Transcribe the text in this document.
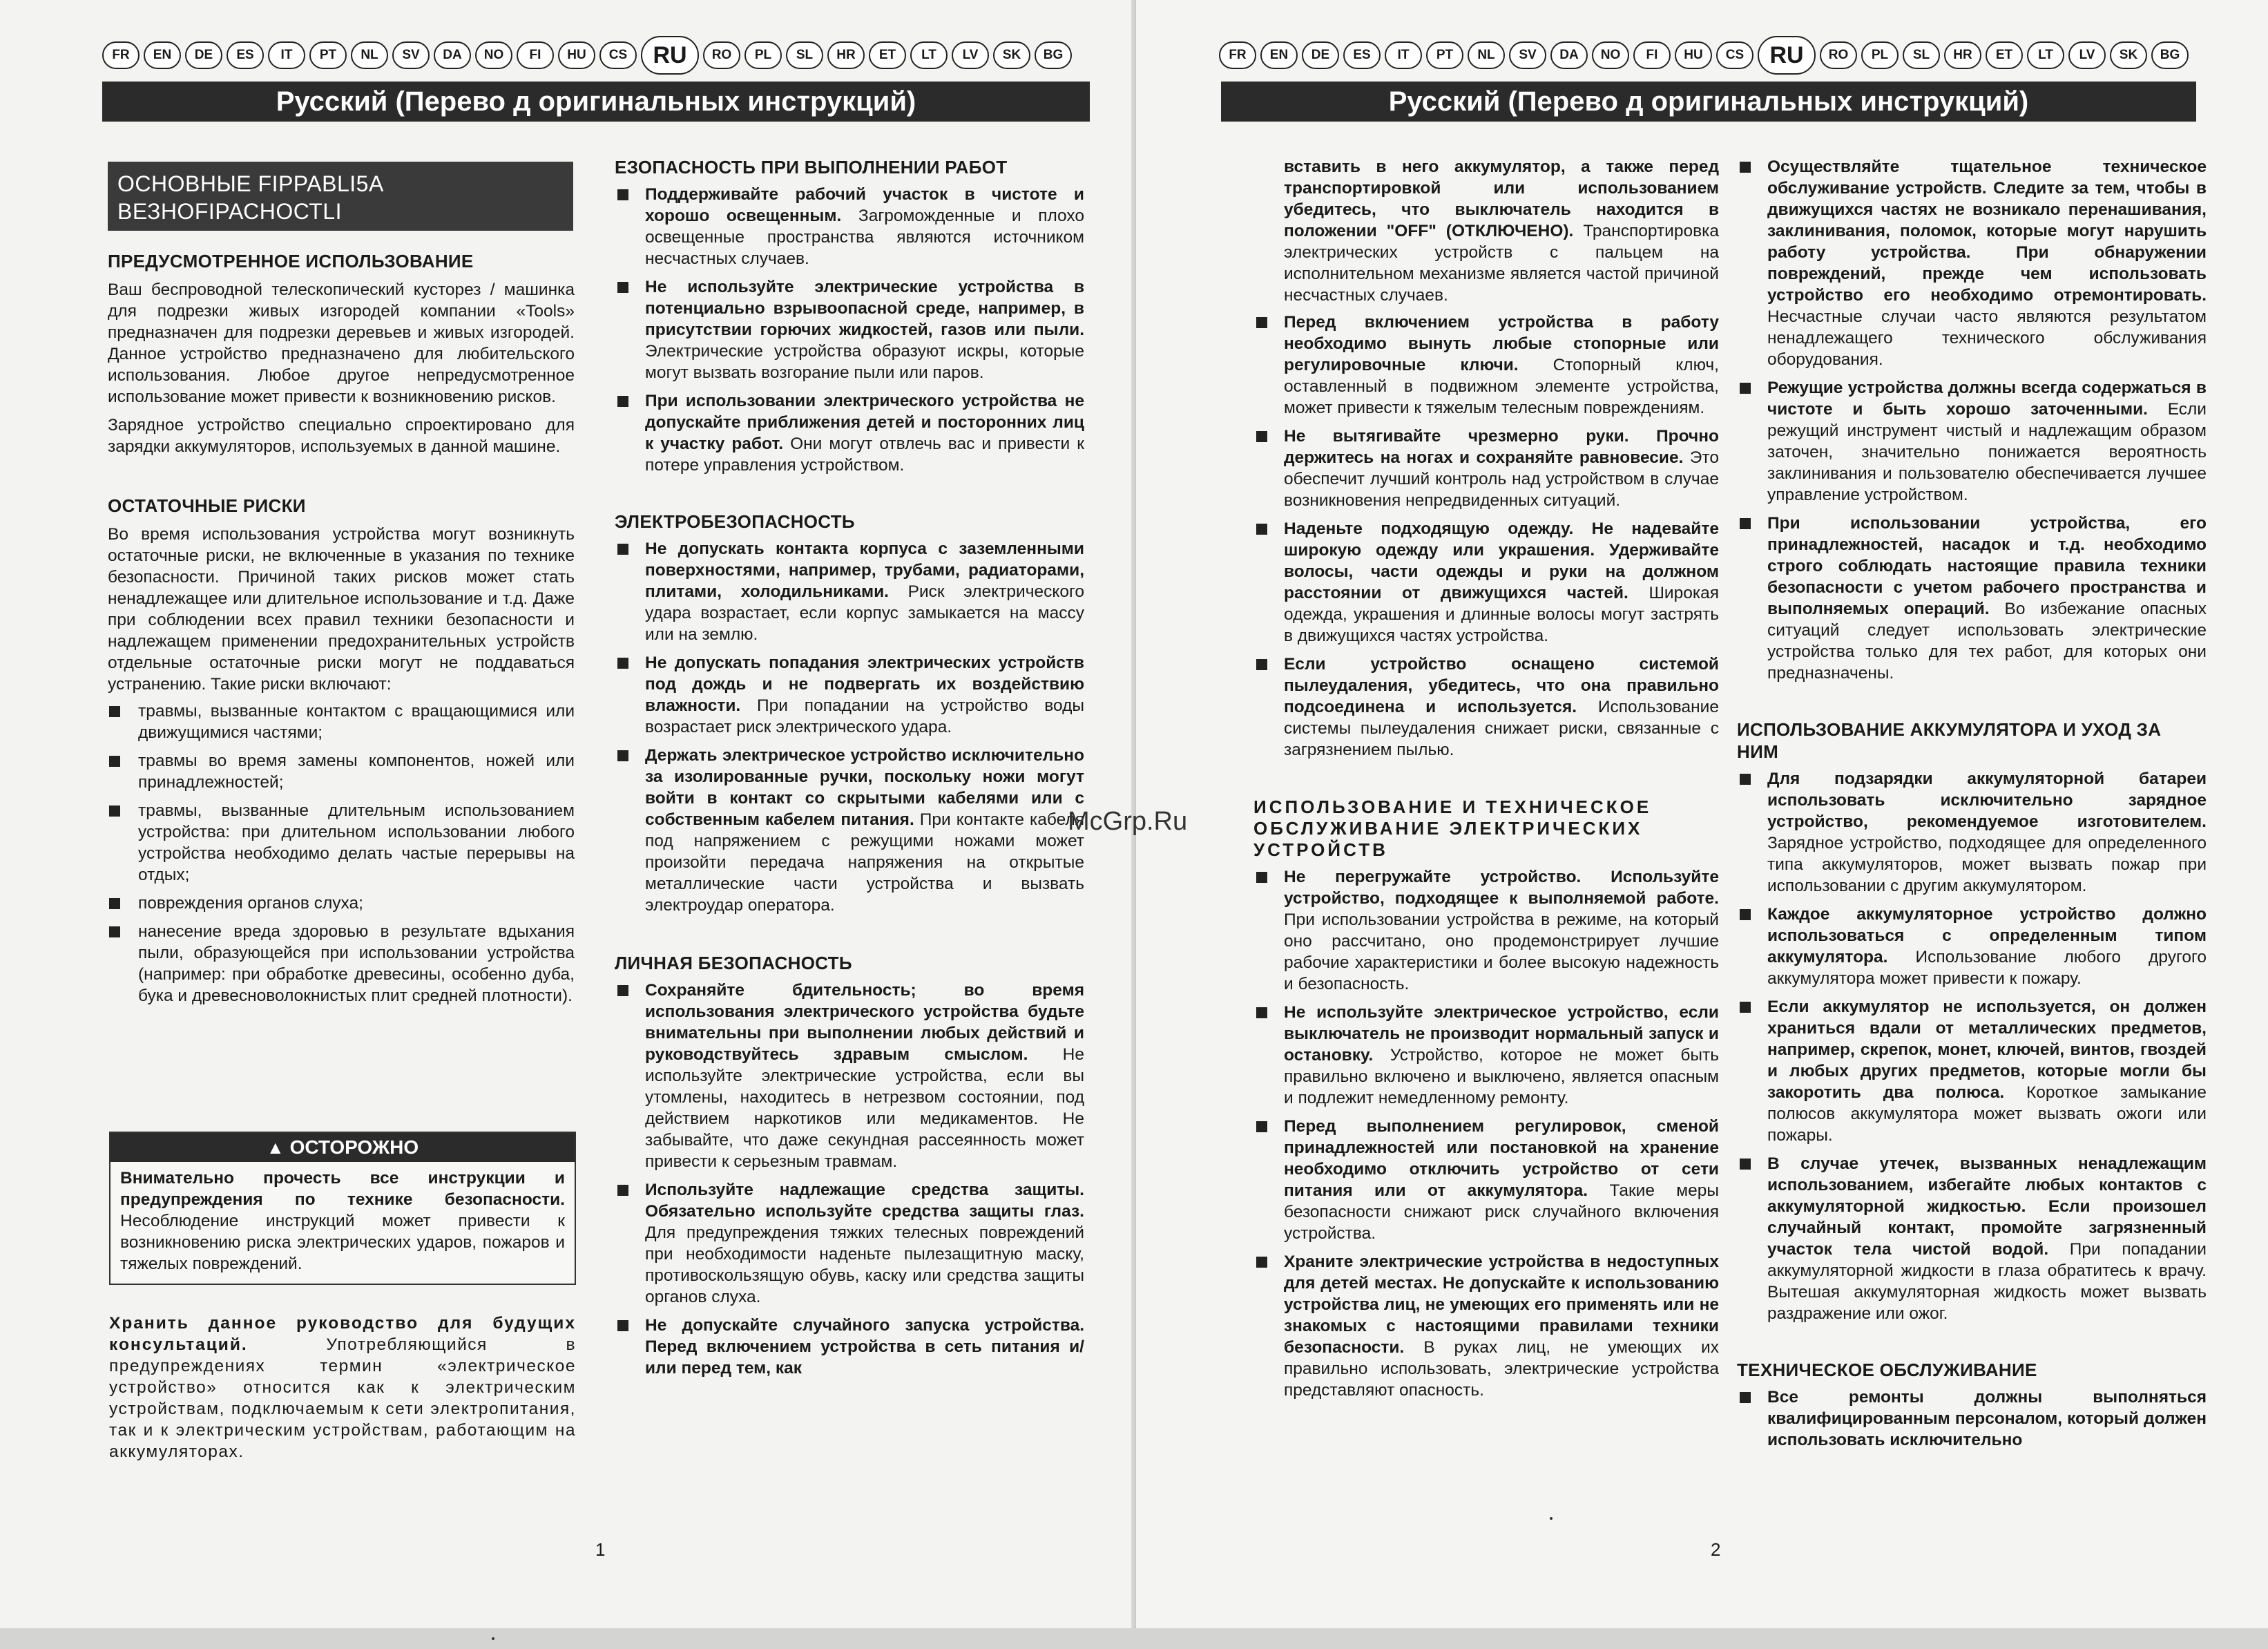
FR	EN	DE	ES	IT	PT	NL	SV	DA	NO	FI	HU	CS	RU	RO	PL	SL	HR	ET	LT	LV	SK	BG
Русский (Перево д оригинальных инструкций)
ОСНОВНЫЕ FIPPABLI5A ВЕЗНОFIРАСНОСТLI

ПРЕДУСМОТРЕННОЕ ИСПОЛЬЗОВАНИЕ

Ваш беспроводной телескопический кусторез / машинка для подрезки живых изгородей компании «Tools» предназначен для подрезки деревьев и живых изгородей. Данное устройство предназначено для любительского использования. Любое другое непредусмотренное использование может привести к возникновению рисков.

Зарядное устройство специально спроектировано для зарядки аккумуляторов, используемых в данной машине.

ОСТАТОЧНЫЕ РИСКИ

Во время использования устройства могут возникнуть остаточные риски, не включенные в указания по технике безопасности. Причиной таких рисков может стать ненадлежащее или длительное использование и т.д. Даже при соблюдении всех правил техники безопасности и надлежащем применении предохранительных устройств отдельные остаточные риски могут не поддаваться устранению. Такие риски включают:

травмы, вызванные контактом с вращающимися или движущимися частями;

травмы во время замены компонентов, ножей или принадлежностей;

травмы, вызванные длительным использованием устройства: при длительном использовании любого устройства необходимо делать частые перерывы на отдых;

повреждения органов слуха;

нанесение вреда здоровью в результате вдыхания пыли, образующейся при использовании устройства (например: при обработке древесины, особенно дуба, бука и древесноволокнистых плит средней плотности).

▲ ОСТОРОЖНО
Внимательно прочесть все инструкции и предупреждения по технике безопасности. Несоблюдение инструкций может привести к возникновению риска электрических ударов, пожаров и тяжелых повреждений.
Хранить данное руководство для будущих консультаций. Употребляющийся в предупреждениях термин «электрическое устройство» относится как к электрическим устройствам, подключаемым к сети электропитания, так и к электрическим устройствам, работающим на аккумуляторах.

ЕЗОПАСНОСТЬ ПРИ ВЫПОЛНЕНИИ РАБОТ

Поддерживайте рабочий участок в чистоте и хорошо освещенным. Загроможденные и плохо освещенные пространства являются источником несчастных случаев.

Не используйте электрические устройства в потенциально взрывоопасной среде, например, в присутствии горючих жидкостей, газов или пыли. Электрические устройства образуют искры, которые могут вызвать возгорание пыли или паров.

При использовании электрического устройства не допускайте приближения детей и посторонних лиц к участку работ. Они могут отвлечь вас и привести к потере управления устройством.

ЭЛЕКТРОБЕЗОПАСНОСТЬ

Не допускать контакта корпуса с заземленными поверхностями, например, трубами, радиаторами, плитами, холодильниками. Риск электрического удара возрастает, если корпус замыкается на массу или на землю.

Не допускать попадания электрических устройств под дождь и не подвергать их воздействию влажности. При попадании на устройство воды возрастает риск электрического удара.

Держать электрическое устройство исключительно за изолированные ручки, поскольку ножи могут войти в контакт со скрытыми кабелями или с собственным кабелем питания. При контакте кабеля под напряжением с режущими ножами может произойти передача напряжения на открытые металлические части устройства и вызвать электроудар оператора.

ЛИЧНАЯ БЕЗОПАСНОСТЬ

Сохраняйте бдительность; во время использования электрического устройства будьте внимательны при выполнении любых действий и руководствуйтесь здравым смыслом. Не используйте электрические устройства, если вы утомлены, находитесь в нетрезвом состоянии, под действием наркотиков или медикаментов. Не забывайте, что даже секундная рассеянность может привести к серьезным травмам.

Используйте надлежащие средства защиты. Обязательно используйте средства защиты глаз. Для предупреждения тяжких телесных повреждений при необходимости наденьте пылезащитную маску, противоскользящую обувь, каску или средства защиты органов слуха.

Не допускайте случайного запуска устройства. Перед включением устройства в сеть питания и/или перед тем, как

1
FR	EN	DE	ES	IT	PT	NL	SV	DA	NO	FI	HU	CS	RU	RO	PL	SL	HR	ET	LT	LV	SK	BG
Русский (Перево д оригинальных инструкций)

вставить в него аккумулятор, а также перед транспортировкой или использованием убедитесь, что выключатель находится в положении "OFF" (ОТКЛЮЧЕНО). Транспортировка электрических устройств с пальцем на исполнительном механизме является частой причиной несчастных случаев.

Перед включением устройства в работу необходимо вынуть любые стопорные или регулировочные ключи. Стопорный ключ, оставленный в подвижном элементе устройства, может привести к тяжелым телесным повреждениям.

Не вытягивайте чрезмерно руки. Прочно держитесь на ногах и сохраняйте равновесие. Это обеспечит лучший контроль над устройством в случае возникновения непредвиденных ситуаций.

Наденьте подходящую одежду. Не надевайте широкую одежду или украшения. Удерживайте волосы, части одежды и руки на должном расстоянии от движущихся частей. Широкая одежда, украшения и длинные волосы могут застрять в движущихся частях устройства.

Если устройство оснащено системой пылеудаления, убедитесь, что она правильно подсоединена и используется. Использование системы пылеудаления снижает риски, связанные с загрязнением пылью.

ИСПОЛЬЗОВАНИЕ И ТЕХНИЧЕСКОЕ ОБСЛУЖИВАНИЕ ЭЛЕКТРИЧЕСКИХ УСТРОЙСТВ

Не перегружайте устройство. Используйте устройство, подходящее к выполняемой работе. При использовании устройства в режиме, на который оно рассчитано, оно продемонстрирует лучшие рабочие характеристики и более высокую надежность и безопасность.

Не используйте электрическое устройство, если выключатель не производит нормальный запуск и остановку. Устройство, которое не может быть правильно включено и выключено, является опасным и подлежит немедленному ремонту.

Перед выполнением регулировок, сменой принадлежностей или постановкой на хранение необходимо отключить устройство от сети питания или от аккумулятора. Такие меры безопасности снижают риск случайного включения устройства.

Храните электрические устройства в недоступных для детей местах. Не допускайте к использованию устройства лиц, не умеющих его применять или не знакомых с настоящими правилами техники безопасности. В руках лиц, не умеющих их правильно использовать, электрические устройства представляют опасность.

Осуществляйте тщательное техническое обслуживание устройств. Следите за тем, чтобы в движущихся частях не возникало перенашивания, заклинивания, поломок, которые могут нарушить работу устройства. При обнаружении повреждений, прежде чем использовать устройство его необходимо отремонтировать. Несчастные случаи часто являются результатом ненадлежащего технического обслуживания оборудования.

Режущие устройства должны всегда содержаться в чистоте и быть хорошо заточенными. Если режущий инструмент чистый и надлежащим образом заточен, значительно понижается вероятность заклинивания и пользователю обеспечивается лучшее управление устройством.

При использовании устройства, его принадлежностей, насадок и т.д. необходимо строго соблюдать настоящие правила техники безопасности с учетом рабочего пространства и выполняемых операций. Во избежание опасных ситуаций следует использовать электрические устройства только для тех работ, для которых они предназначены.

ИСПОЛЬЗОВАНИЕ АККУМУЛЯТОРА И УХОД ЗА НИМ

Для подзарядки аккумуляторной батареи использовать исключительно зарядное устройство, рекомендуемое изготовителем. Зарядное устройство, подходящее для определенного типа аккумуляторов, может вызвать пожар при использовании с другим аккумулятором.

Каждое аккумуляторное устройство должно использоваться с определенным типом аккумулятора. Использование любого другого аккумулятора может привести к пожару.

Если аккумулятор не используется, он должен храниться вдали от металлических предметов, например, скрепок, монет, ключей, винтов, гвоздей и любых других предметов, которые могли бы закоротить два полюса. Короткое замыкание полюсов аккумулятора может вызвать ожоги или пожары.

В случае утечек, вызванных ненадлежащим использованием, избегайте любых контактов с аккумуляторной жидкостью. Если произошел случайный контакт, промойте загрязненный участок тела чистой водой. При попадании аккумуляторной жидкости в глаза обратитесь к врачу. Вытешая аккумуляторная жидкость может вызвать раздражение или ожог.

ТЕХНИЧЕСКОЕ ОБСЛУЖИВАНИЕ

Все ремонты должны выполняться квалифицированным персоналом, который должен использовать исключительно

2
McGrp.Ru
